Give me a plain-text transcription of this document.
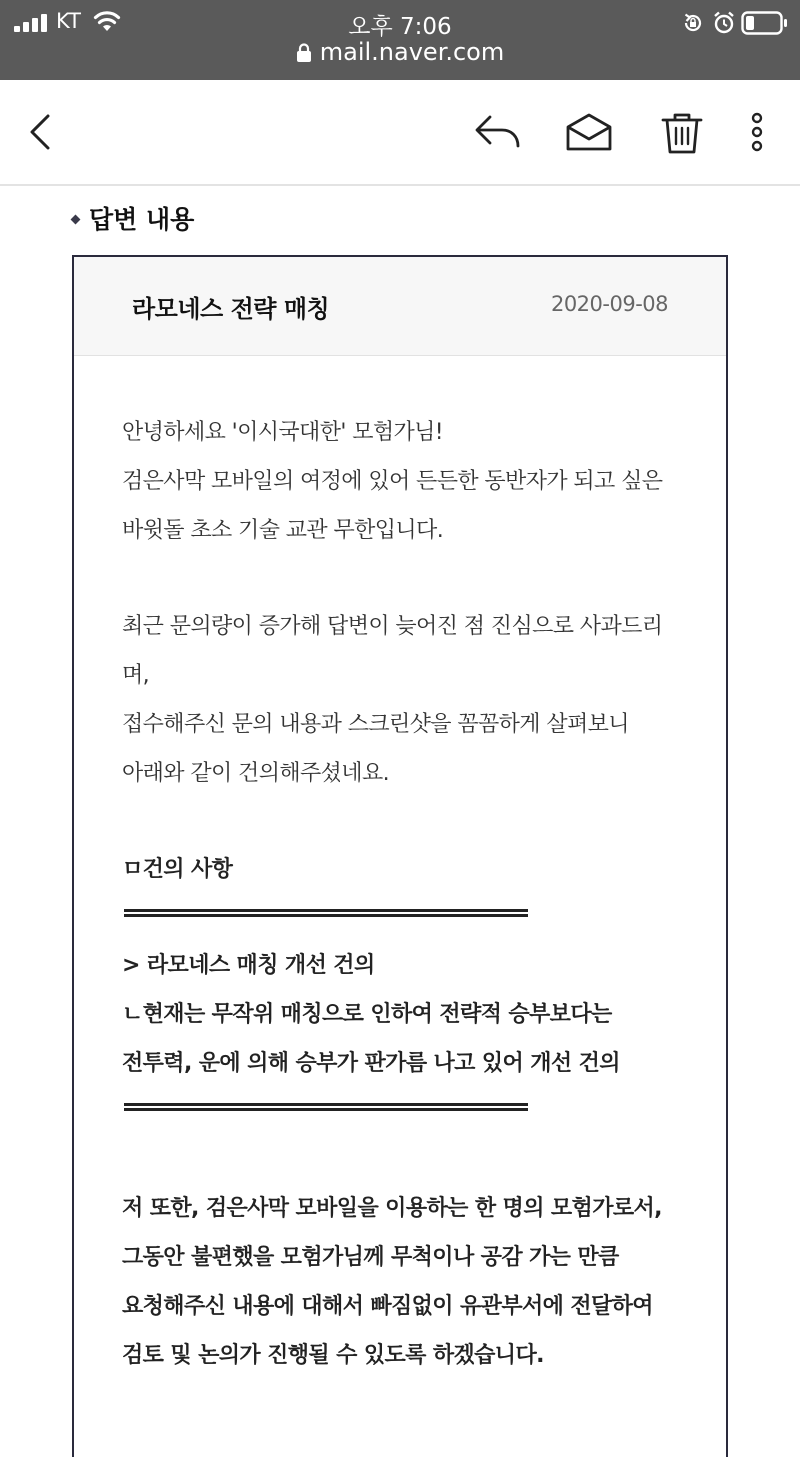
KT	오후 7:06
mail.naver.com
답변 내용
라모네스 전략 매칭	2020-09-08
안녕하세요 '이시국대한' 모험가님!
검은사막 모바일의 여정에 있어 든든한 동반자가 되고 싶은
바윗돌 초소 기술 교관 무한입니다.
최근 문의량이 증가해 답변이 늦어진 점 진심으로 사과드리
며,
접수해주신 문의 내용과 스크린샷을 꼼꼼하게 살펴보니
아래와 같이 건의해주셨네요.
ㅁ건의 사항
> 라모네스 매칭 개선 건의
ㄴ현재는 무작위 매칭으로 인하여 전략적 승부보다는
전투력, 운에 의해 승부가 판가름 나고 있어 개선 건의
저 또한, 검은사막 모바일을 이용하는 한 명의 모험가로서,
그동안 불편했을 모험가님께 무척이나 공감 가는 만큼
요청해주신 내용에 대해서 빠짐없이 유관부서에 전달하여
검토 및 논의가 진행될 수 있도록 하겠습니다.
